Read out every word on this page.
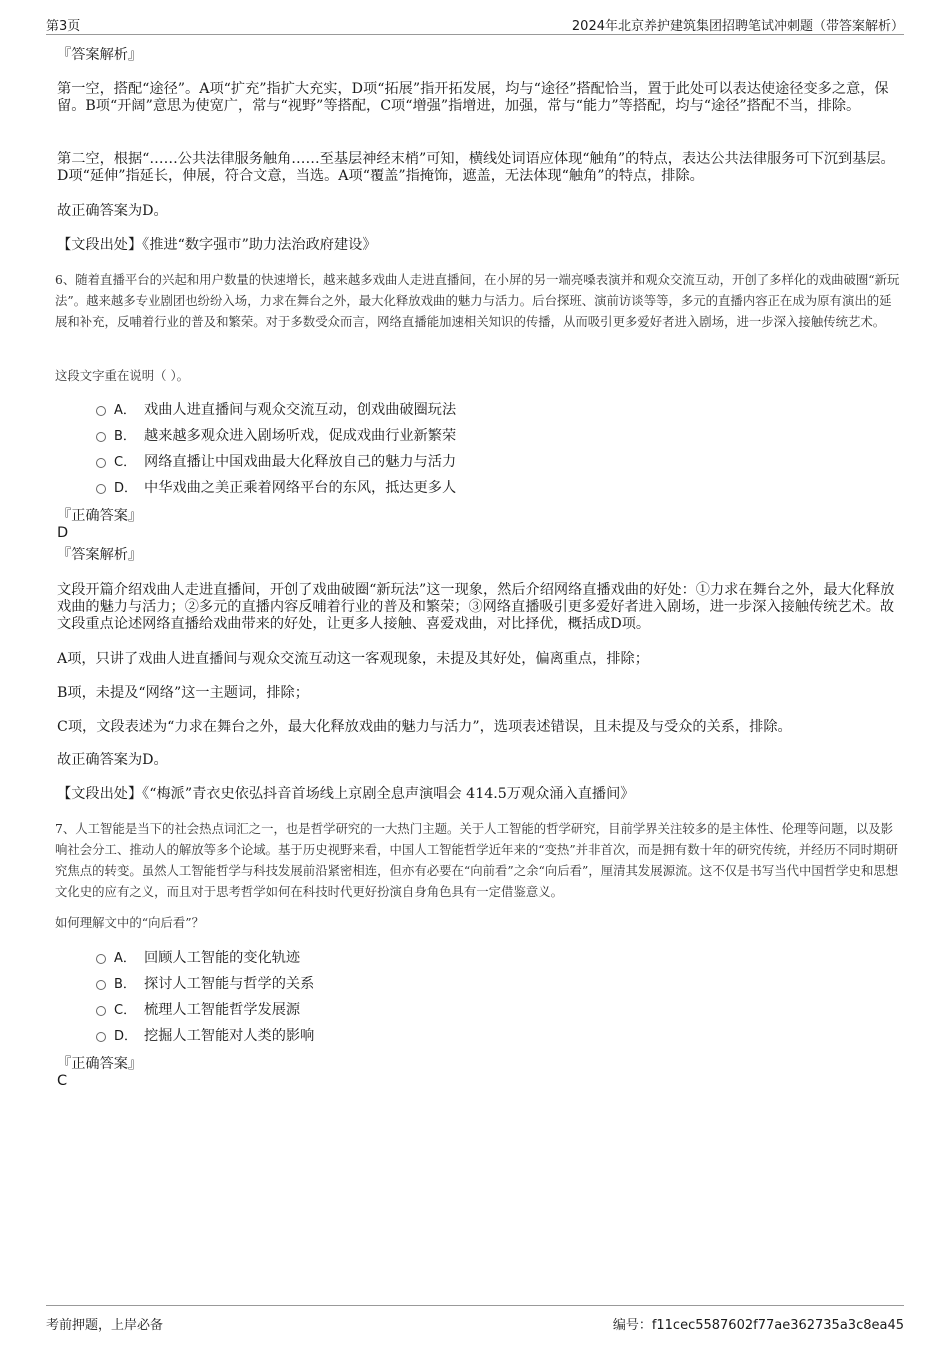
第3页	2024年北京养护建筑集团招聘笔试冲刺题（带答案解析）

『答案解析』

第一空，搭配“途径”。A项“扩充”指扩大充实，D项“拓展”指开拓发展，均与“途径”搭配恰当，置于此处可以表达使途径变多之意，保留。B项“开阔”意思为使宽广，常与“视野”等搭配，C项“增强”指增进，加强，常与“能力”等搭配，均与“途径”搭配不当，排除。

第二空，根据“……公共法律服务触角……至基层神经末梢”可知，横线处词语应体现“触角”的特点，表达公共法律服务可下沉到基层。D项“延伸”指延长，伸展，符合文意，当选。A项“覆盖”指掩饰，遮盖，无法体现“触角”的特点，排除。

故正确答案为D。

【文段出处】《推进“数字强市”助力法治政府建设》

6、随着直播平台的兴起和用户数量的快速增长，越来越多戏曲人走进直播间，在小屏的另一端亮嗓表演并和观众交流互动，开创了多样化的戏曲破圈“新玩法”。越来越多专业剧团也纷纷入场，力求在舞台之外，最大化释放戏曲的魅力与活力。后台探班、演前访谈等等，多元的直播内容正在成为原有演出的延展和补充，反哺着行业的普及和繁荣。对于多数受众而言，网络直播能加速相关知识的传播，从而吸引更多爱好者进入剧场，进一步深入接触传统艺术。

这段文字重在说明（ ）。

A． 戏曲人进直播间与观众交流互动，创戏曲破圈玩法
B． 越来越多观众进入剧场听戏，促成戏曲行业新繁荣
C． 网络直播让中国戏曲最大化释放自己的魅力与活力
D． 中华戏曲之美正乘着网络平台的东风，抵达更多人

『正确答案』

D

『答案解析』

文段开篇介绍戏曲人走进直播间，开创了戏曲破圈“新玩法”这一现象，然后介绍网络直播戏曲的好处：①力求在舞台之外，最大化释放戏曲的魅力与活力；②多元的直播内容反哺着行业的普及和繁荣；③网络直播吸引更多爱好者进入剧场，进一步深入接触传统艺术。故文段重点论述网络直播给戏曲带来的好处，让更多人接触、喜爱戏曲，对比择优，概括成D项。

A项，只讲了戏曲人进直播间与观众交流互动这一客观现象，未提及其好处，偏离重点，排除；

B项，未提及“网络”这一主题词，排除；

C项，文段表述为“力求在舞台之外，最大化释放戏曲的魅力与活力”，选项表述错误，且未提及与受众的关系，排除。

故正确答案为D。

【文段出处】《“梅派”青衣史依弘抖音首场线上京剧全息声演唱会 414.5万观众涌入直播间》

7、人工智能是当下的社会热点词汇之一，也是哲学研究的一大热门主题。关于人工智能的哲学研究，目前学界关注较多的是主体性、伦理等问题，以及影响社会分工、推动人的解放等多个论域。基于历史视野来看，中国人工智能哲学近年来的“变热”并非首次，而是拥有数十年的研究传统，并经历不同时期研究焦点的转变。虽然人工智能哲学与科技发展前沿紧密相连，但亦有必要在“向前看”之余“向后看”，厘清其发展源流。这不仅是书写当代中国哲学史和思想文化史的应有之义，而且对于思考哲学如何在科技时代更好扮演自身角色具有一定借鉴意义。

如何理解文中的“向后看”？

A． 回顾人工智能的变化轨迹
B． 探讨人工智能与哲学的关系
C． 梳理人工智能哲学发展源
D． 挖掘人工智能对人类的影响

『正确答案』

C
考前押题，上岸必备	编号：f11cec5587602f77ae362735a3c8ea45
